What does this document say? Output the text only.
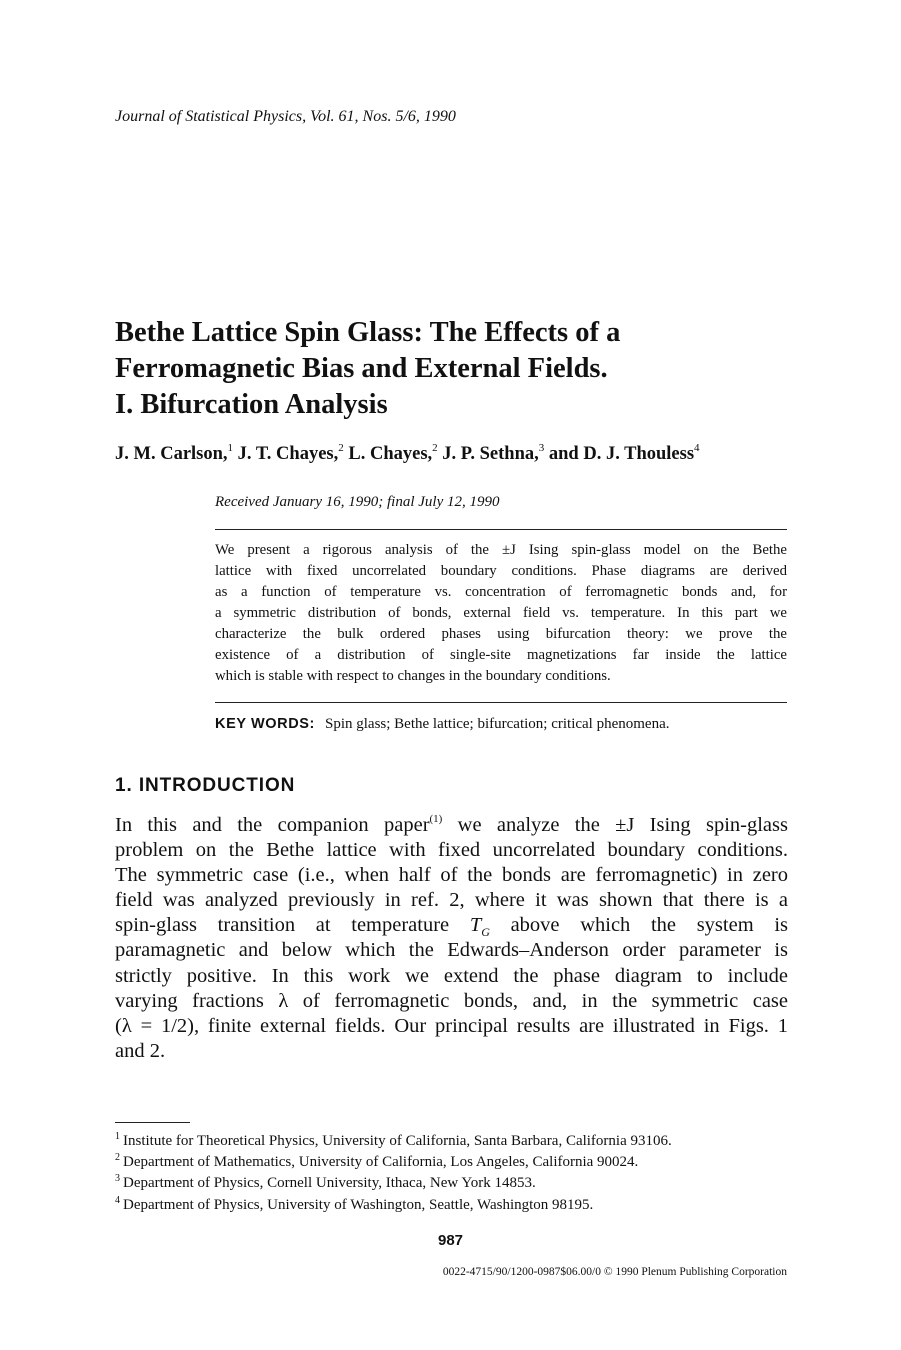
Journal of Statistical Physics, Vol. 61, Nos. 5/6, 1990
Bethe Lattice Spin Glass: The Effects of a
Ferromagnetic Bias and External Fields.
I. Bifurcation Analysis
J. M. Carlson,$^1$ J. T. Chayes,$^2$ L. Chayes,$^2$ J. P. Sethna,$^3$ and D. J. Thouless$^4$
Received January 16, 1990; final July 12, 1990
We present a rigorous analysis of the ±J Ising spin-glass model on the Bethe
lattice with fixed uncorrelated boundary conditions. Phase diagrams are derived
as a function of temperature vs. concentration of ferromagnetic bonds and, for
a symmetric distribution of bonds, external field vs. temperature. In this part we
characterize the bulk ordered phases using bifurcation theory: we prove the
existence of a distribution of single-site magnetizations far inside the lattice
which is stable with respect to changes in the boundary conditions.
KEY WORDS: Spin glass; Bethe lattice; bifurcation; critical phenomena.
1. INTRODUCTION
In this and the companion paper$^{(1)}$ we analyze the ±J Ising spin-glass
problem on the Bethe lattice with fixed uncorrelated boundary conditions.
The symmetric case (i.e., when half of the bonds are ferromagnetic) in zero
field was analyzed previously in ref. 2, where it was shown that there is a
spin-glass transition at temperature $T_G$ above which the system is
paramagnetic and below which the Edwards–Anderson order parameter is
strictly positive. In this work we extend the phase diagram to include
varying fractions λ of ferromagnetic bonds, and, in the symmetric case
(λ = 1/2), finite external fields. Our principal results are illustrated in Figs. 1
and 2.
$^1$ Institute for Theoretical Physics, University of California, Santa Barbara, California 93106.
$^2$ Department of Mathematics, University of California, Los Angeles, California 90024.
$^3$ Department of Physics, Cornell University, Ithaca, New York 14853.
$^4$ Department of Physics, University of Washington, Seattle, Washington 98195.
987
0022-4715/90/1200-0987$06.00/0 © 1990 Plenum Publishing Corporation
